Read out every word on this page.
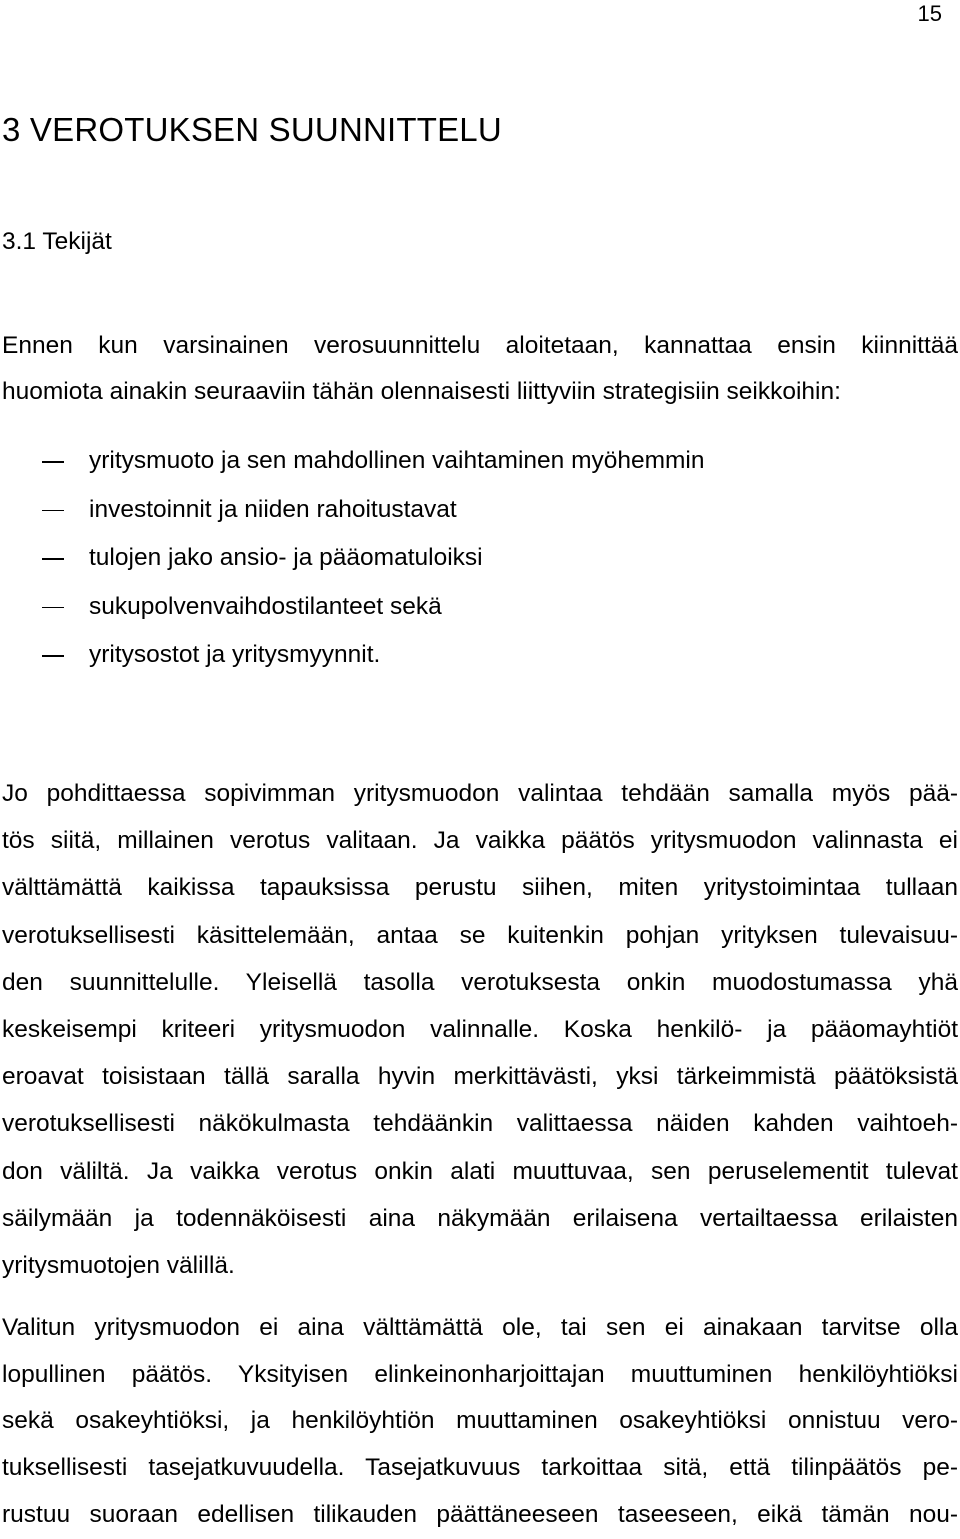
15
3 VEROTUKSEN SUUNNITTELU
3.1 Tekijät
Ennen kun varsinainen verosuunnittelu aloitetaan, kannattaa ensin kiinnittää
huomiota ainakin seuraaviin tähän olennaisesti liittyviin strategisiin seikkoihin:
yritysmuoto ja sen mahdollinen vaihtaminen myöhemmin
investoinnit ja niiden rahoitustavat
tulojen jako ansio- ja pääomatuloiksi
sukupolvenvaihdostilanteet sekä
yritysostot ja yritysmyynnit.
Jo pohdittaessa sopivimman yritysmuodon valintaa tehdään samalla myös pää-
tös siitä, millainen verotus valitaan. Ja vaikka päätös yritysmuodon valinnasta ei
välttämättä kaikissa tapauksissa perustu siihen, miten yritystoimintaa tullaan
verotuksellisesti käsittelemään, antaa se kuitenkin pohjan yrityksen tulevaisuu-
den suunnittelulle. Yleisellä tasolla verotuksesta onkin muodostumassa yhä
keskeisempi kriteeri yritysmuodon valinnalle. Koska henkilö- ja pääomayhtiöt
eroavat toisistaan tällä saralla hyvin merkittävästi, yksi tärkeimmistä päätöksistä
verotuksellisesti näkökulmasta tehdäänkin valittaessa näiden kahden vaihtoeh-
don väliltä. Ja vaikka verotus onkin alati muuttuvaa, sen peruselementit tulevat
säilymään ja todennäköisesti aina näkymään erilaisena vertailtaessa erilaisten
yritysmuotojen välillä.
Valitun yritysmuodon ei aina välttämättä ole, tai sen ei ainakaan tarvitse olla
lopullinen päätös. Yksityisen elinkeinonharjoittajan muuttuminen henkilöyhtiöksi
sekä osakeyhtiöksi, ja henkilöyhtiön muuttaminen osakeyhtiöksi onnistuu vero-
tuksellisesti tasejatkuvuudella. Tasejatkuvuus tarkoittaa sitä, että tilinpäätös pe-
rustuu suoraan edellisen tilikauden päättäneeseen taseeseen, eikä tämän nou-
